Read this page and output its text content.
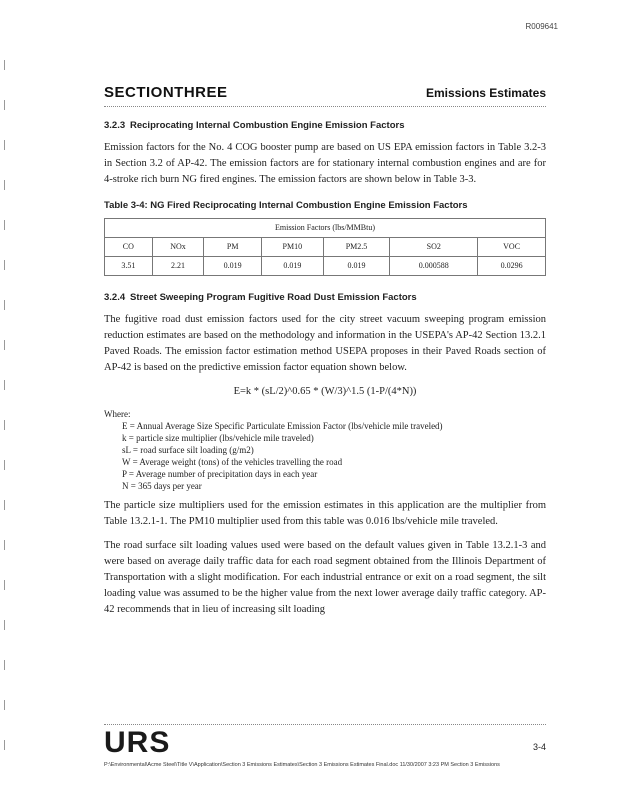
R009641
SECTIONTHREE	Emissions Estimates
3.2.3 Reciprocating Internal Combustion Engine Emission Factors

Emission factors for the No. 4 COG booster pump are based on US EPA emission factors in Table 3.2-3 in Section 3.2 of AP-42. The emission factors are for stationary internal combustion engines and are for 4-stroke rich burn NG fired engines. The emission factors are shown below in Table 3-3.

Table 3-4: NG Fired Reciprocating Internal Combustion Engine Emission Factors
Emission Factors (lbs/MMBtu)						
CO	NOx	PM	PM10	PM2.5	SO2	VOC
3.51	2.21	0.019	0.019	0.019	0.000588	0.0296
3.2.4 Street Sweeping Program Fugitive Road Dust Emission Factors

The fugitive road dust emission factors used for the city street vacuum sweeping program emission reduction estimates are based on the methodology and information in the USEPA's AP-42 Section 13.2.1 Paved Roads. The emission factor estimation method USEPA proposes in their Paved Roads section of AP-42 is based on the predictive emission factor equation shown below.

E=k * (sL/2)^0.65 * (W/3)^1.5 (1-P/(4*N))
Where:
E = Annual Average Size Specific Particulate Emission Factor (lbs/vehicle mile traveled)
k = particle size multiplier (lbs/vehicle mile traveled)
sL = road surface silt loading (g/m2)
W = Average weight (tons) of the vehicles travelling the road
P = Average number of precipitation days in each year
N = 365 days per year

The particle size multipliers used for the emission estimates in this application are the multiplier from Table 13.2.1-1. The PM10 multiplier used from this table was 0.016 lbs/vehicle mile traveled.

The road surface silt loading values used were based on the default values given in Table 13.2.1-3 and were based on average daily traffic data for each road segment obtained from the Illinois Department of Transportation with a slight modification. For each industrial entrance or exit on a road segment, the silt loading value was assumed to be the higher value from the next lower average daily traffic category. AP-42 recommends that in lieu of increasing silt loading

URS	3-4
P:\Environmental\Acme Steel\Title V\Application\Section 3 Emissions Estimates\Section 3 Emissions Estimates Final.doc 11/30/2007 3:23 PM Section 3 Emissions
